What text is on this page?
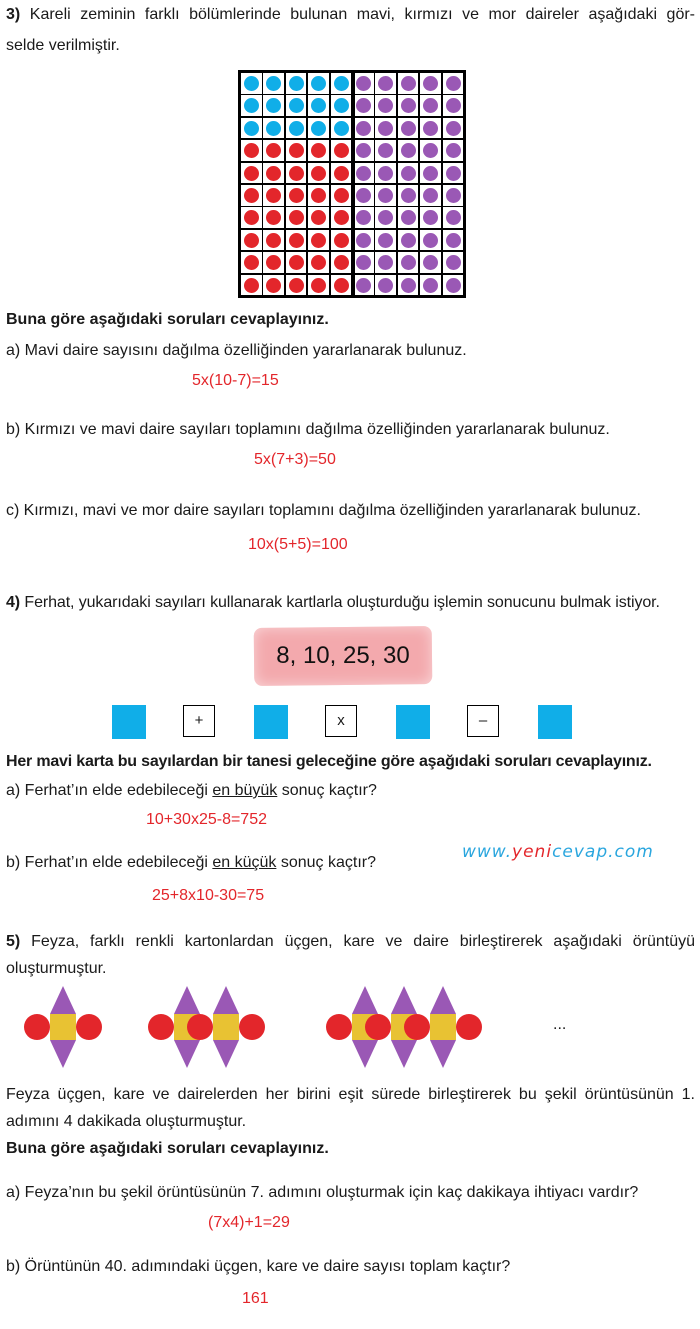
3) Kareli zeminin farklı bölümlerinde bulunan mavi, kırmızı ve mor daireler aşağıdaki gör-
selde verilmiştir.
Buna göre aşağıdaki soruları cevaplayınız.
a) Mavi daire sayısını dağılma özelliğinden yararlanarak bulunuz.
5x(10-7)=15
b) Kırmızı ve mavi daire sayıları toplamını dağılma özelliğinden yararlanarak bulunuz.
5x(7+3)=50
c) Kırmızı, mavi ve mor daire sayıları toplamını dağılma özelliğinden yararlanarak bulunuz.
10x(5+5)=100
4) Ferhat, yukarıdaki sayıları kullanarak kartlarla oluşturduğu işlemin sonucunu bulmak istiyor.
8, 10, 25, 30
+	x	–
Her mavi karta bu sayılardan bir tanesi geleceğine göre aşağıdaki soruları cevaplayınız.
a) Ferhat’ın elde edebileceği en büyük sonuç kaçtır?
10+30x25-8=752
b) Ferhat’ın elde edebileceği en küçük sonuç kaçtır?
www.yenicevap.com
25+8x10-30=75
5) Feyza, farklı renkli kartonlardan üçgen, kare ve daire birleştirerek aşağıdaki örüntüyü
oluşturmuştur.
...
Feyza üçgen, kare ve dairelerden her birini eşit sürede birleştirerek bu şekil örüntüsünün 1.
adımını 4 dakikada oluşturmuştur.
Buna göre aşağıdaki soruları cevaplayınız.
a) Feyza’nın bu şekil örüntüsünün 7. adımını oluşturmak için kaç dakikaya ihtiyacı vardır?
(7x4)+1=29
b) Örüntünün 40. adımındaki üçgen, kare ve daire sayısı toplam kaçtır?
161
